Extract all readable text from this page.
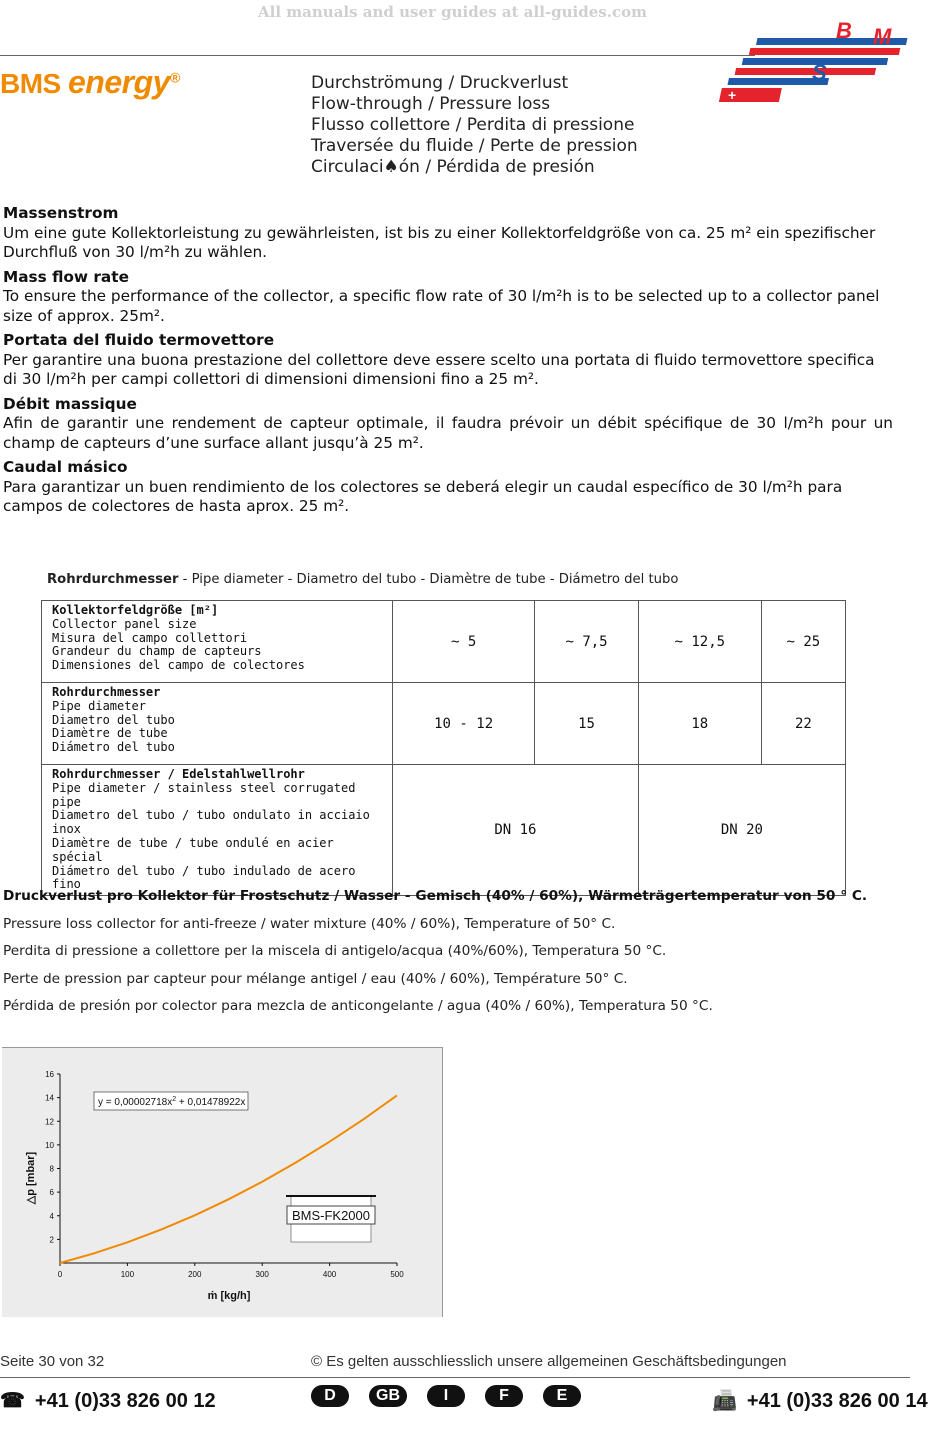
All manuals and user guides at all-guides.com
BMS energy®
+
B M
S
Durchströmung / Druckverlust
Flow-through / Pressure loss
Flusso collettore / Perdita di pressione
Traversée du fluide / Perte de pression
Circulaci♠ón / Pérdida de presión
Massenstrom

Um eine gute Kollektorleistung zu gewährleisten, ist bis zu einer Kollektorfeldgröße von ca. 25 m² ein spezifischer Durchfluß von 30 l/m²h zu wählen.

Mass flow rate

To ensure the performance of the collector, a specific flow rate of 30 l/m²h is to be selected up to a collector panel size of approx. 25m².

Portata del fluido termovettore

Per garantire una buona prestazione del collettore deve essere scelto una portata di fluido termovettore specifica di 30 l/m²h per campi collettori di dimensioni dimensioni fino a 25 m².

Débit massique

Afin de garantir une rendement de capteur optimale, il faudra prévoir un débit spécifique de 30 l/m²h pour un champ de capteurs d’une surface allant jusqu’à 25 m².

Caudal másico

Para garantizar un buen rendimiento de los colectores se deberá elegir un caudal específico de 30 l/m²h para campos de colectores de hasta aprox. 25 m².

Rohrdurchmesser - Pipe diameter - Diametro del tubo - Diamètre de tube - Diámetro del tubo
Kollektorfeldgröße [m²]
Collector panel size
Misura del campo collettori
Grandeur du champ de capteurs
Dimensiones del campo de colectores	~ 5	~ 7,5	~ 12,5	~ 25
Rohrdurchmesser
Pipe diameter
Diametro del tubo
Diamètre de tube
Diámetro del tubo	10 - 12	15	18	22
Rohrdurchmesser / Edelstahlwellrohr
Pipe diameter / stainless steel corrugated pipe
Diametro del tubo / tubo ondulato in acciaio inox
Diamètre de tube / tube ondulé en acier spécial
Diámetro del tubo / tubo indulado de acero fino	DN 16		DN 20	
Druckverlust pro Kollektor für Frostschutz / Wasser - Gemisch (40% / 60%), Wärmeträgertemperatur von 50 ° C.
Pressure loss collector for anti-freeze / water mixture (40% / 60%), Temperature of 50° C.
Perdita di pressione a collettore per la miscela di antigelo/acqua (40%/60%), Temperatura 50 °C.
Perte de pression par capteur pour mélange antigel / eau (40% / 60%), Température 50° C.
Pérdida de presión por colector para mezcla de anticongelante / agua (40% / 60%), Temperatura 50 °C.
0	100	200	300	400	500
2
4
6
8
10
12
14
16
$y = 0,00002718x^2 + 0,01478922x$
BMS-FK2000
△p [mbar]
ṁ [kg/h]
Seite 30 von 32	© Es gelten ausschliesslich unsere allgemeinen Geschäftsbedingungen
☎ +41 (0)33 826 00 12	D	GB	I	F	E	📠 +41 (0)33 826 00 14
